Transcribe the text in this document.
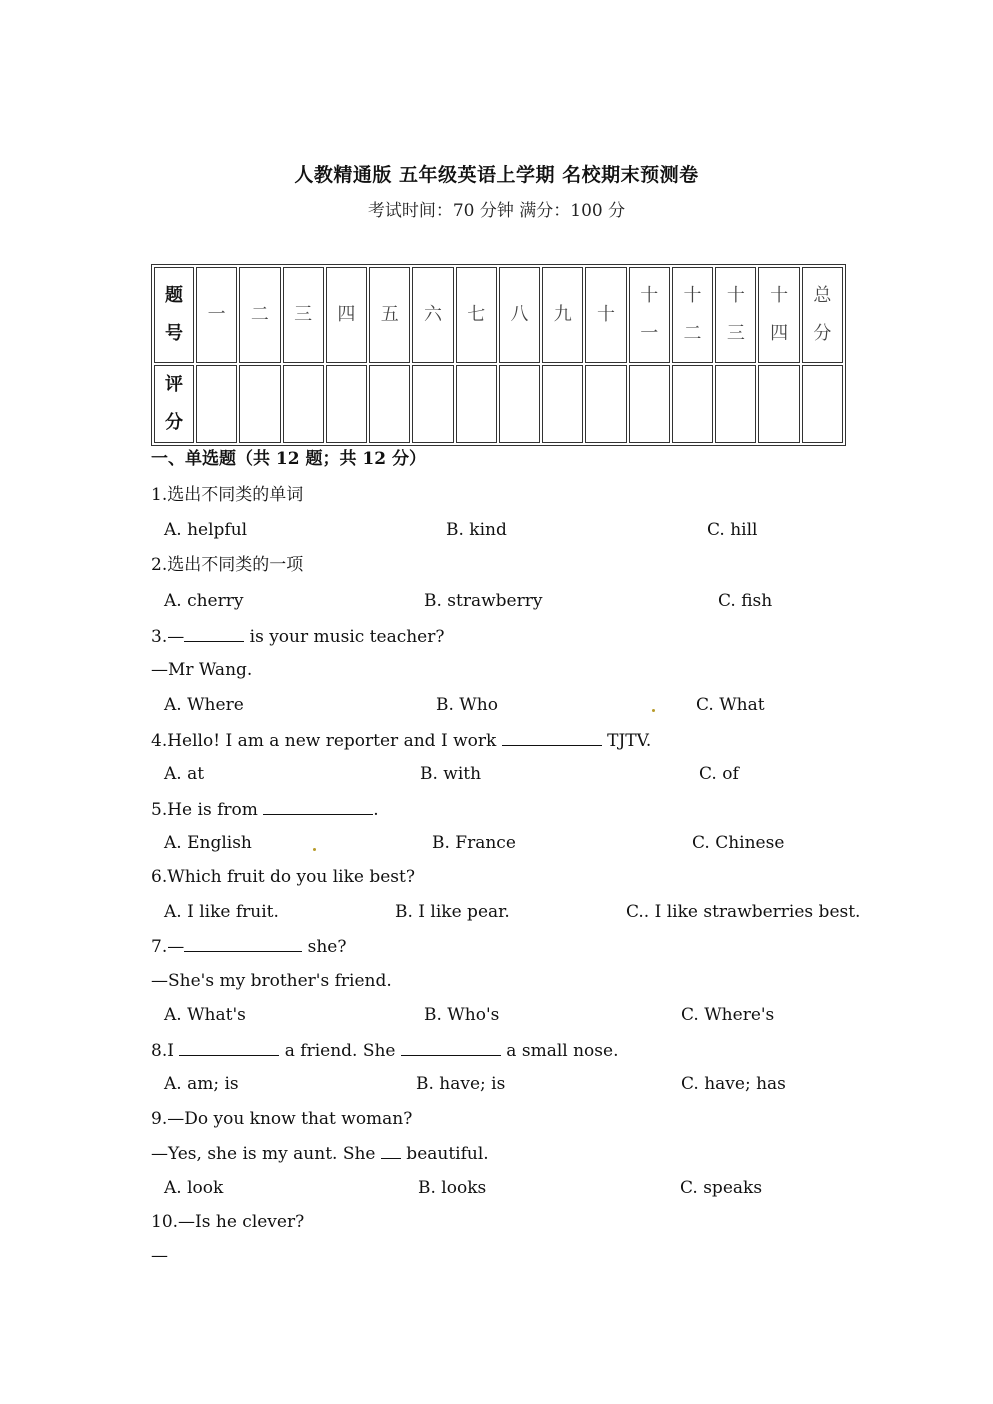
人教精通版 五年级英语上学期 名校期末预测卷
考试时间：70 分钟 满分：100 分
题号	一	二	三	四	五	六	七	八	九	十	十一	十二	十三	十四	总分
评分															
一、单选题（共 12 题；共 12 分）
1.选出不同类的单词
A. helpful	B. kind	C. hill
2.选出不同类的一项
A. cherry	B. strawberry	C. fish
3.—	is your music teacher?
—Mr Wang.
A. Where	B. Who	C. What
4.Hello! I am a new reporter and I work	TJTV.
A. at	B. with	C. of
5.He is from	.
A. English	B. France	C. Chinese
6.Which fruit do you like best?
A. I like fruit.	B. I like pear.	C.. I like strawberries best.
7.—	she?
—She's my brother's friend.
A. What's	B. Who's	C. Where's
8.I	a friend. She	a small nose.
A. am; is	B. have; is	C. have; has
9.—Do you know that woman?
—Yes, she is my aunt. She  beautiful.
A. look	B. looks	C. speaks
10.—Is he clever?
—
